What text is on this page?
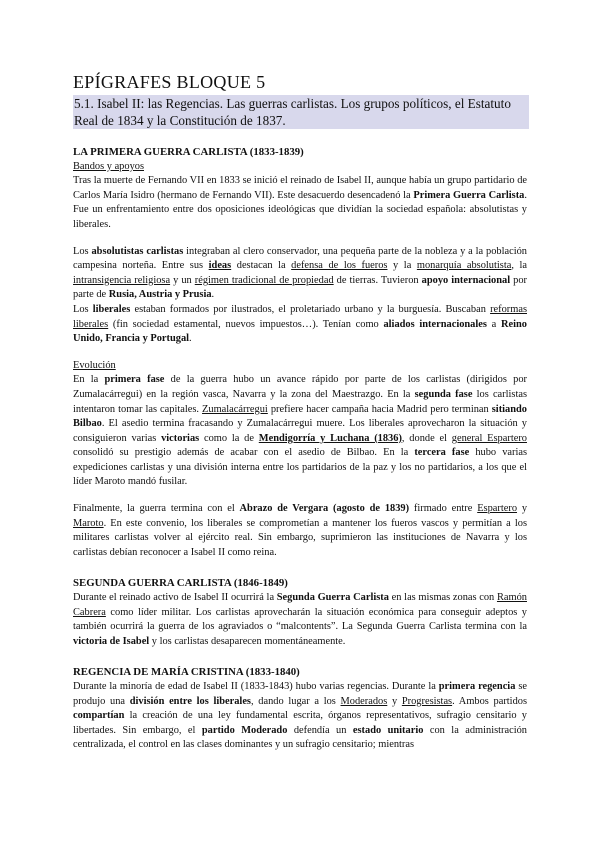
EPÍGRAFES BLOQUE 5
5.1. Isabel II: las Regencias. Las guerras carlistas. Los grupos políticos, el Estatuto Real de 1834 y la Constitución de 1837.

LA PRIMERA GUERRA CARLISTA (1833-1839)

Bandos y apoyos

Tras la muerte de Fernando VII en 1833 se inició el reinado de Isabel II, aunque había un grupo partidario de Carlos María Isidro (hermano de Fernando VII). Este desacuerdo desencadenó la Primera Guerra Carlista. Fue un enfrentamiento entre dos oposiciones ideológicas que dividían la sociedad española: absolutistas y liberales.

Los absolutistas carlistas integraban al clero conservador, una pequeña parte de la nobleza y a la población campesina norteña. Entre sus ideas destacan la defensa de los fueros y la monarquía absolutista, la intransigencia religiosa y un régimen tradicional de propiedad de tierras. Tuvieron apoyo internacional por parte de Rusia, Austria y Prusia.

Los liberales estaban formados por ilustrados, el proletariado urbano y la burguesía. Buscaban reformas liberales (fin sociedad estamental, nuevos impuestos…). Tenían como aliados internacionales a Reino Unido, Francia y Portugal.

Evolución

En la primera fase de la guerra hubo un avance rápido por parte de los carlistas (dirigidos por Zumalacárregui) en la región vasca, Navarra y la zona del Maestrazgo. En la segunda fase los carlistas intentaron tomar las capitales. Zumalacárregui prefiere hacer campaña hacia Madrid pero terminan sitiando Bilbao. El asedio termina fracasando y Zumalacárregui muere. Los liberales aprovecharon la situación y consiguieron varias victorias como la de Mendigorría y Luchana (1836), donde el general Espartero consolidó su prestigio además de acabar con el asedio de Bilbao. En la tercera fase hubo varias expediciones carlistas y una división interna entre los partidarios de la paz y los no partidarios, a los que el líder Maroto mandó fusilar.

Finalmente, la guerra termina con el Abrazo de Vergara (agosto de 1839) firmado entre Espartero y Maroto. En este convenio, los liberales se comprometían a mantener los fueros vascos y permitían a los militares carlistas volver al ejército real. Sin embargo, suprimieron las instituciones de Navarra y los carlistas debían reconocer a Isabel II como reina.

SEGUNDA GUERRA CARLISTA (1846-1849)

Durante el reinado activo de Isabel II ocurrirá la Segunda Guerra Carlista en las mismas zonas con Ramón Cabrera como líder militar. Los carlistas aprovecharán la situación económica para conseguir adeptos y también ocurrirá la guerra de los agraviados o “malcontents”. La Segunda Guerra Carlista termina con la victoria de Isabel y los carlistas desaparecen momentáneamente.

REGENCIA DE MARÍA CRISTINA (1833-1840)

Durante la minoría de edad de Isabel II (1833-1843) hubo varias regencias. Durante la primera regencia se produjo una división entre los liberales, dando lugar a los Moderados y Progresistas. Ambos partidos compartían la creación de una ley fundamental escrita, órganos representativos, sufragio censitario y libertades. Sin embargo, el partido Moderado defendía un estado unitario con la administración centralizada, el control en las clases dominantes y un sufragio censitario; mientras
